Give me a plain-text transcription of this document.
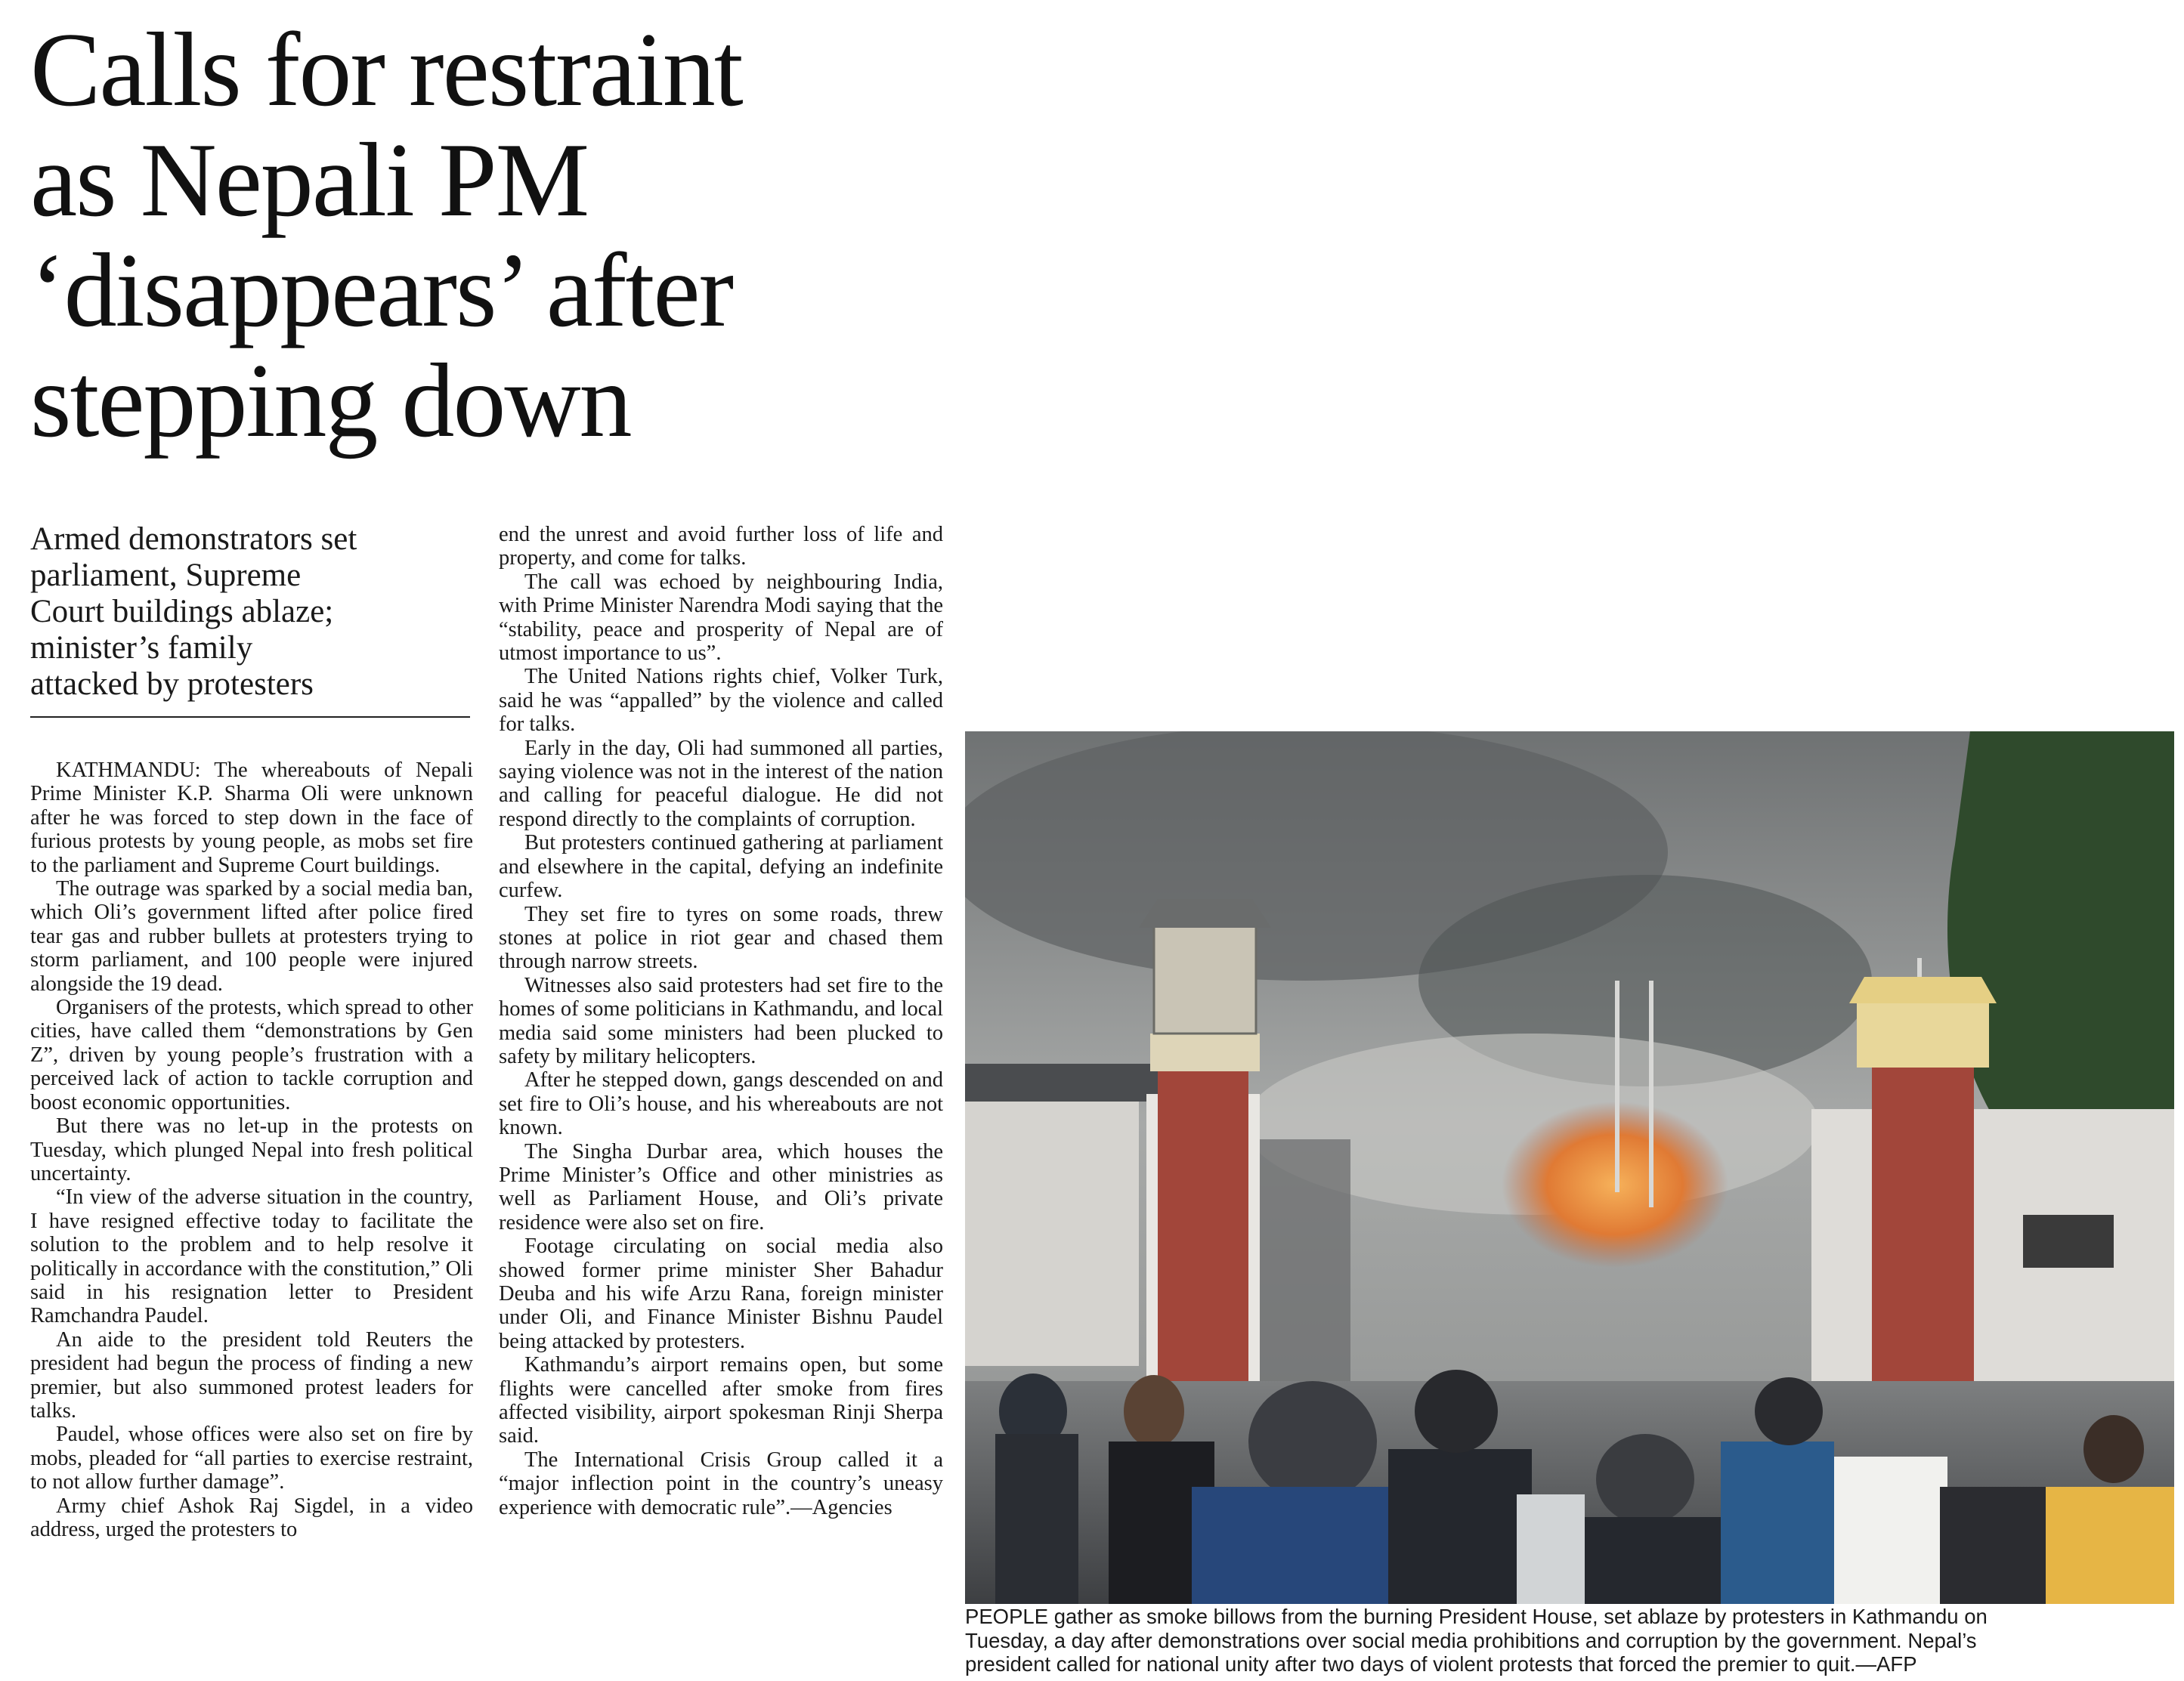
Calls for restraint
as Nepali PM
‘disappears’ after
stepping down
Armed demonstrators set
parliament, Supreme
Court buildings ablaze;
minister’s family
attacked by protesters

KATHMANDU: The whereabouts of Nepali Prime Minister K.P. Sharma Oli were unknown after he was forced to step down in the face of furious protests by young people, as mobs set fire to the parliament and Supreme Court buildings.

The outrage was sparked by a social media ban, which Oli’s government lifted after police fired tear gas and rubber bullets at protesters trying to storm parliament, and 100 people were injured alongside the 19 dead.

Organisers of the protests, which spread to other cities, have called them “demonstrations by Gen Z”, driven by young people’s frustration with a perceived lack of action to tackle corruption and boost economic opportunities.

But there was no let-up in the protests on Tuesday, which plunged Nepal into fresh political uncertainty.

“In view of the adverse situation in the country, I have resigned effective today to facilitate the solution to the problem and to help resolve it politically in accordance with the constitution,” Oli said in his resignation letter to President Ramchandra Paudel.

An aide to the president told Reuters the president had begun the process of finding a new premier, but also summoned protest leaders for talks.

Paudel, whose offices were also set on fire by mobs, pleaded for “all parties to exercise restraint, to not allow further damage”.

Army chief Ashok Raj Sigdel, in a video address, urged the protesters to

end the unrest and avoid further loss of life and property, and come for talks.

The call was echoed by neighbouring India, with Prime Minister Narendra Modi saying that the “stability, peace and prosperity of Nepal are of utmost importance to us”.

The United Nations rights chief, Volker Turk, said he was “appalled” by the violence and called for talks.

Early in the day, Oli had summoned all parties, saying violence was not in the interest of the nation and calling for peaceful dialogue. He did not respond directly to the complaints of corruption.

But protesters continued gathering at parliament and elsewhere in the capital, defying an indefinite curfew.

They set fire to tyres on some roads, threw stones at police in riot gear and chased them through narrow streets.

Witnesses also said protesters had set fire to the homes of some politicians in Kathmandu, and local media said some ministers had been plucked to safety by military helicopters.

After he stepped down, gangs descended on and set fire to Oli’s house, and his whereabouts are not known.

The Singha Durbar area, which houses the Prime Minister’s Office and other ministries as well as Parliament House, and Oli’s private residence were also set on fire.

Footage circulating on social media also showed former prime minister Sher Bahadur Deuba and his wife Arzu Rana, foreign minister under Oli, and Finance Minister Bishnu Paudel being attacked by protesters.

Kathmandu’s airport remains open, but some flights were cancelled after smoke from fires affected visibility, airport spokesman Rinji Sherpa said.

The International Crisis Group called it a “major inflection point in the country’s uneasy experience with democratic rule”.—Agencies

PEOPLE gather as smoke billows from the burning President House, set ablaze by protesters in Kathmandu on
Tuesday, a day after demonstrations over social media prohibitions and corruption by the government. Nepal’s
president called for national unity after two days of violent protests that forced the premier to quit.—AFP
